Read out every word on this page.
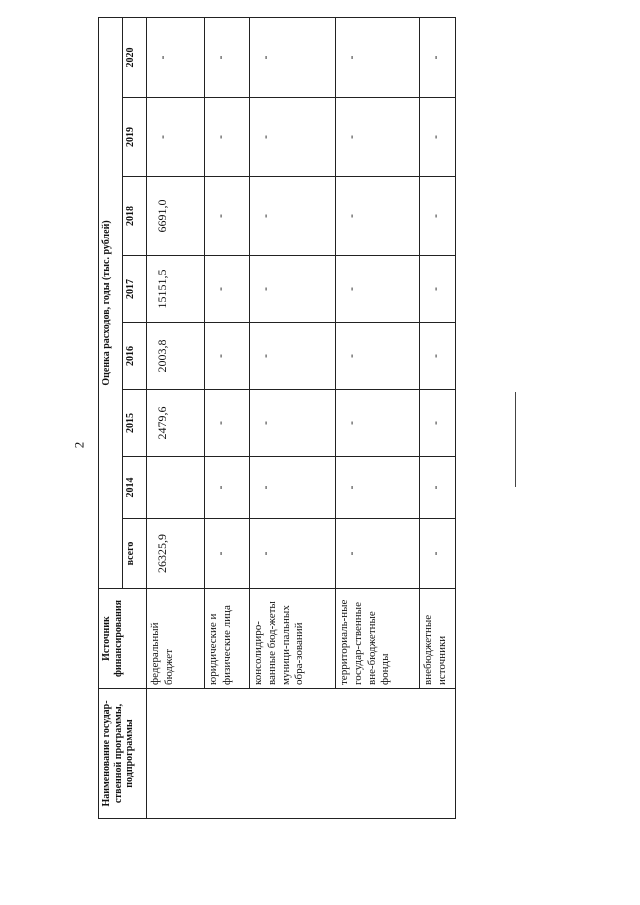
2
Наименование государ-ственной программы, подпрограммы	Источник финансирования	Оценка расходов, годы (тыс. рублей)							
		всего	2014	2015	2016	2017	2018	2019	2020
	федеральный бюджет	26325,9		2479,6	2003,8	15151,5	6691,0	-	-
	юридические и физические лица	-	-	-	-	-	-	-	-
	консолидиро-ванные бюд-жеты муници-пальных обра-зований	-	-	-	-	-	-	-	-
	территориаль-ные государ-ственные вне-бюджетные фонды	-	-	-	-	-	-	-	-
	внебюджетные источники	-	-	-	-	-	-	-	-
